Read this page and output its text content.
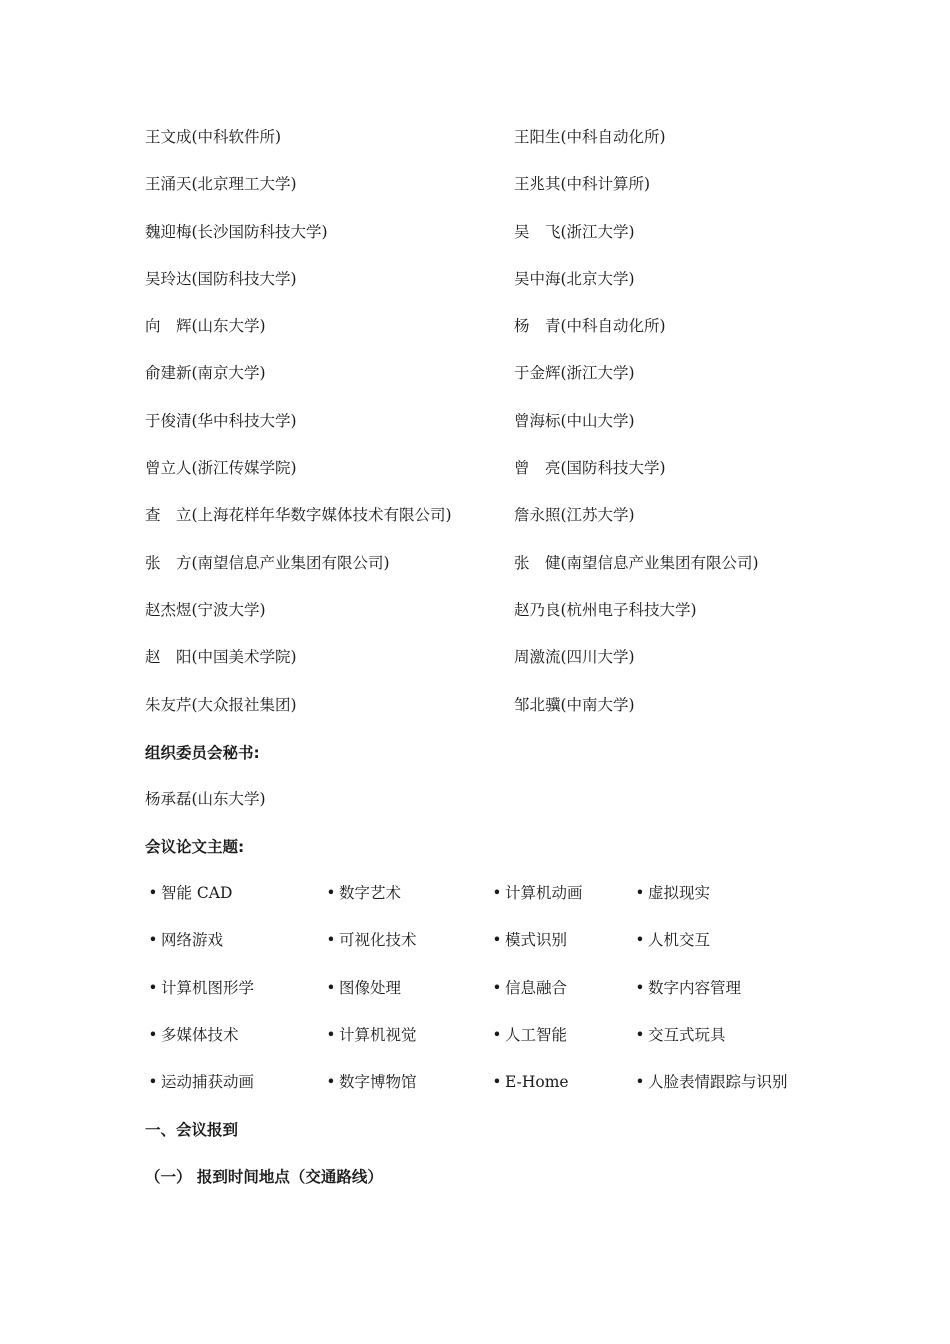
王文成(中科软件所)	王阳生(中科自动化所)
王涌天(北京理工大学)	王兆其(中科计算所)
魏迎梅(长沙国防科技大学)	吴　飞(浙江大学)
吴玲达(国防科技大学)	吴中海(北京大学)
向　辉(山东大学)	杨　青(中科自动化所)
俞建新(南京大学)	于金辉(浙江大学)
于俊清(华中科技大学)	曾海标(中山大学)
曾立人(浙江传媒学院)	曾　亮(国防科技大学)
查　立(上海花样年华数字媒体技术有限公司)	詹永照(江苏大学)
张　方(南望信息产业集团有限公司)	张　健(南望信息产业集团有限公司)
赵杰煜(宁波大学)	赵乃良(杭州电子科技大学)
赵　阳(中国美术学院)	周激流(四川大学)
朱友芹(大众报社集团)	邹北骥(中南大学)
组织委员会秘书:
杨承磊(山东大学)
会议论文主题:
• 智能 CAD	• 数字艺术	• 计算机动画	• 虚拟现实
• 网络游戏	• 可视化技术	• 模式识别	• 人机交互
• 计算机图形学	• 图像处理	• 信息融合	• 数字内容管理
• 多媒体技术	• 计算机视觉	• 人工智能	• 交互式玩具
• 运动捕获动画	• 数字博物馆	• E-Home	• 人脸表情跟踪与识别
一、会议报到
（一） 报到时间地点（交通路线）
